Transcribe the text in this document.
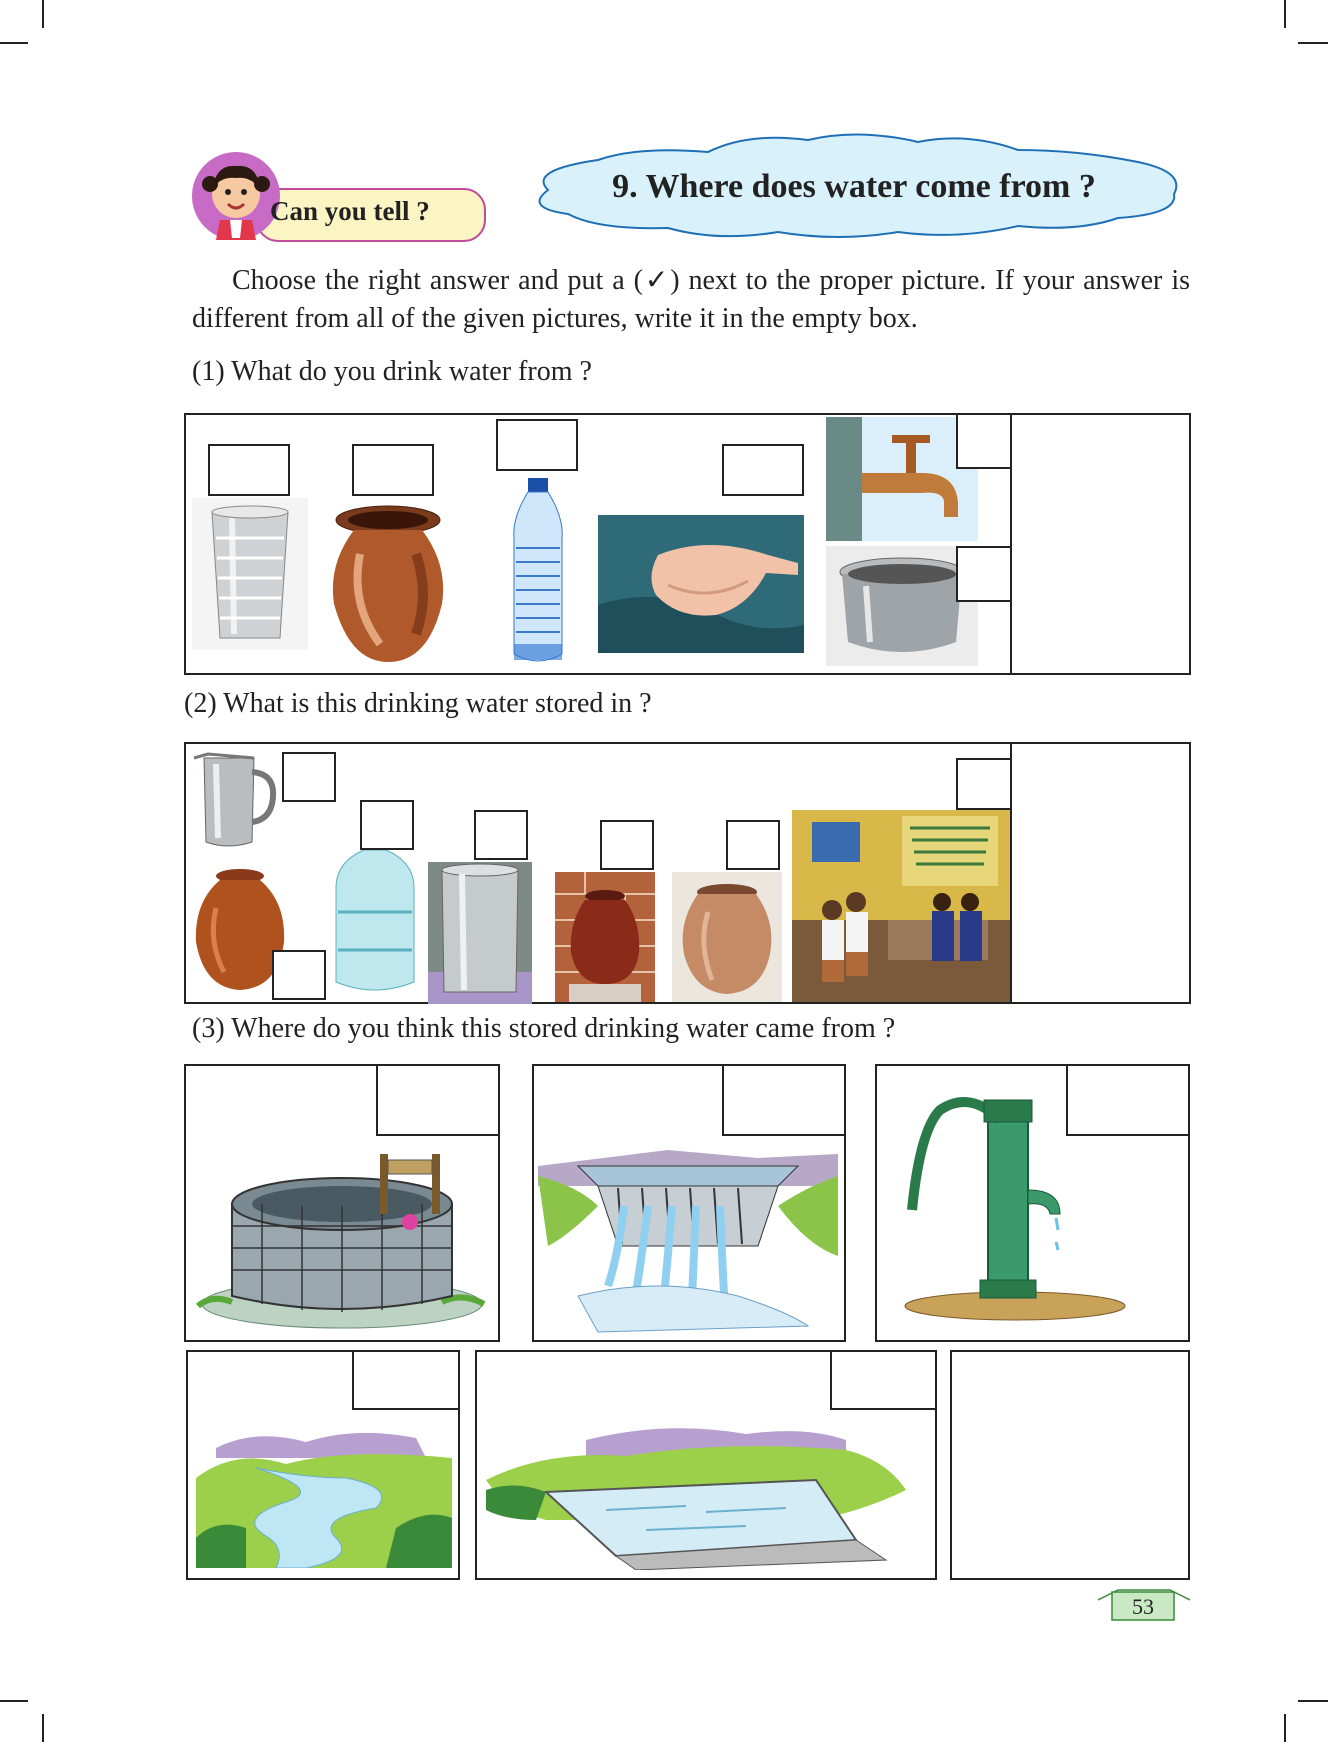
Can you tell ?
9. Where does water come from ?
Choose the right answer and put a (✓) next to the proper picture. If your answer is different from all of the given pictures, write it in the empty box.
(1) What do you drink water from ?
(2) What is this drinking water stored in ?
(3) Where do you think this stored drinking water came from ?
53
